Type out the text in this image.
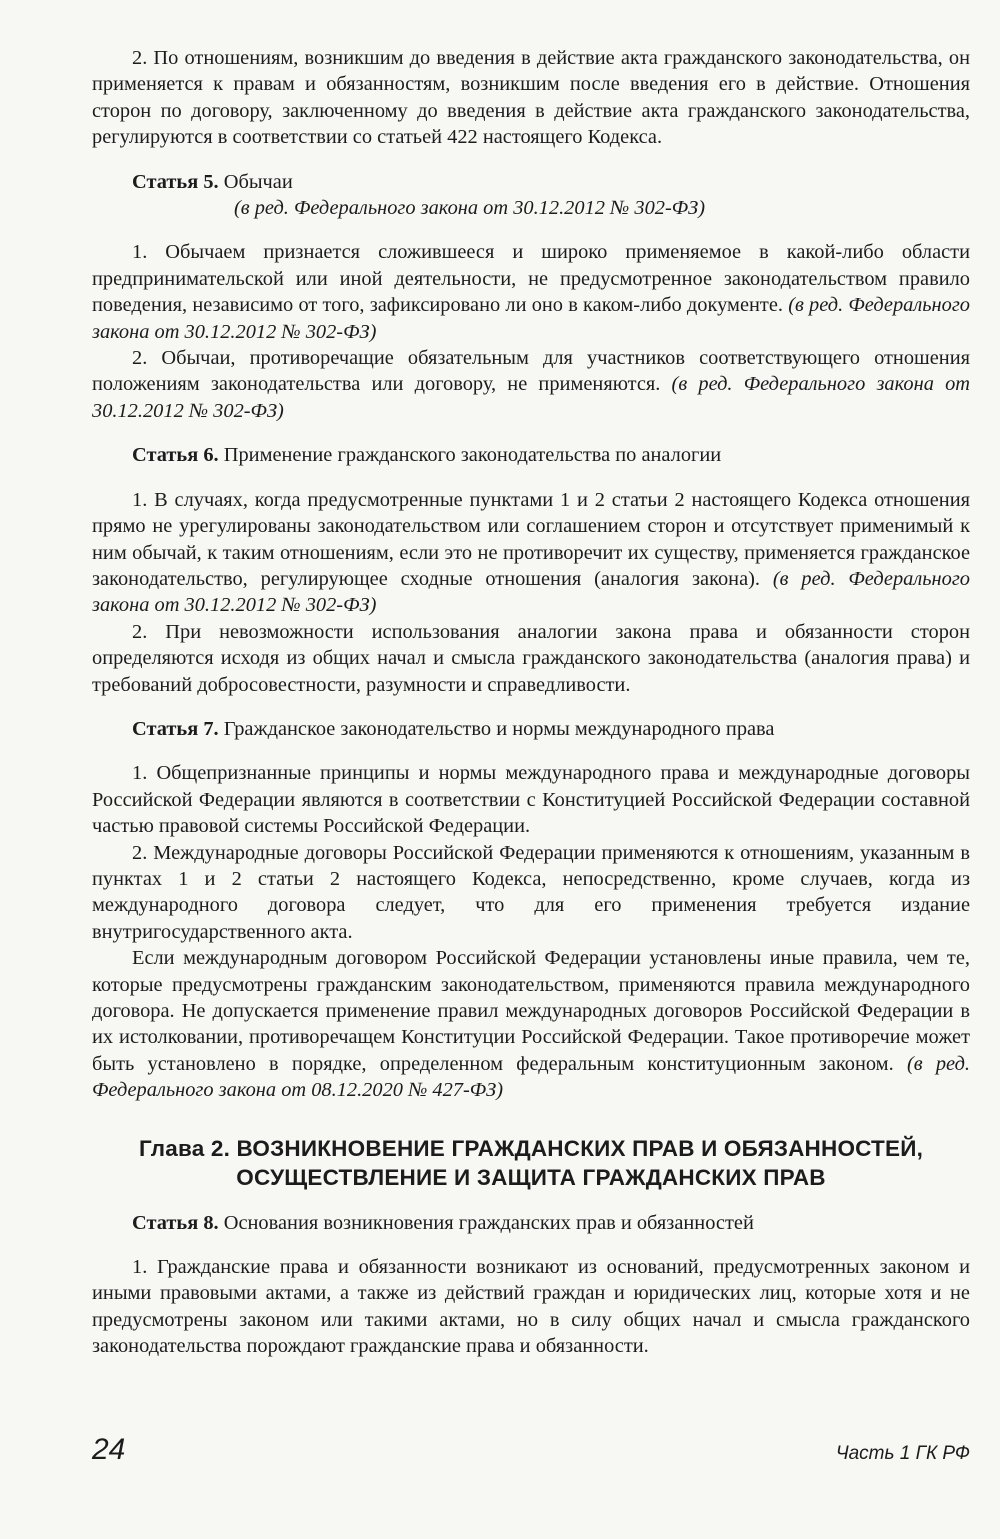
2. По отношениям, возникшим до введения в действие акта гражданского законодательства, он применяется к правам и обязанностям, возникшим после введения его в действие. Отношения сторон по договору, заключенному до введения в действие акта гражданского законодательства, регулируются в соответствии со статьей 422 настоящего Кодекса.

Статья 5. Обычаи

(в ред. Федерального закона от 30.12.2012 № 302-ФЗ)

1. Обычаем признается сложившееся и широко применяемое в какой-либо области предпринимательской или иной деятельности, не предусмотренное законодательством правило поведения, независимо от того, зафиксировано ли оно в каком-либо документе. (в ред. Федерального закона от 30.12.2012 № 302-ФЗ)

2. Обычаи, противоречащие обязательным для участников соответствующего отношения положениям законодательства или договору, не применяются. (в ред. Федерального закона от 30.12.2012 № 302-ФЗ)

Статья 6. Применение гражданского законодательства по аналогии

1. В случаях, когда предусмотренные пунктами 1 и 2 статьи 2 настоящего Кодекса отношения прямо не урегулированы законодательством или соглашением сторон и отсутствует применимый к ним обычай, к таким отношениям, если это не противоречит их существу, применяется гражданское законодательство, регулирующее сходные отношения (аналогия закона). (в ред. Федерального закона от 30.12.2012 № 302-ФЗ)

2. При невозможности использования аналогии закона права и обязанности сторон определяются исходя из общих начал и смысла гражданского законодательства (аналогия права) и требований добросовестности, разумности и справедливости.

Статья 7. Гражданское законодательство и нормы международного права

1. Общепризнанные принципы и нормы международного права и международные договоры Российской Федерации являются в соответствии с Конституцией Российской Федерации составной частью правовой системы Российской Федерации.

2. Международные договоры Российской Федерации применяются к отношениям, указанным в пунктах 1 и 2 статьи 2 настоящего Кодекса, непосредственно, кроме случаев, когда из международного договора следует, что для его применения требуется издание внутригосударственного акта.

Если международным договором Российской Федерации установлены иные правила, чем те, которые предусмотрены гражданским законодательством, применяются правила международного договора. Не допускается применение правил международных договоров Российской Федерации в их истолковании, противоречащем Конституции Российской Федерации. Такое противоречие может быть установлено в порядке, определенном федеральным конституционным законом. (в ред. Федерального закона от 08.12.2020 № 427-ФЗ)

Глава 2. ВОЗНИКНОВЕНИЕ ГРАЖДАНСКИХ ПРАВ И ОБЯЗАННОСТЕЙ,
ОСУЩЕСТВЛЕНИЕ И ЗАЩИТА ГРАЖДАНСКИХ ПРАВ

Статья 8. Основания возникновения гражданских прав и обязанностей

1. Гражданские права и обязанности возникают из оснований, предусмотренных законом и иными правовыми актами, а также из действий граждан и юридических лиц, которые хотя и не предусмотрены законом или такими актами, но в силу общих начал и смысла гражданского законодательства порождают гражданские права и обязанности.

24	Часть 1 ГК РФ
